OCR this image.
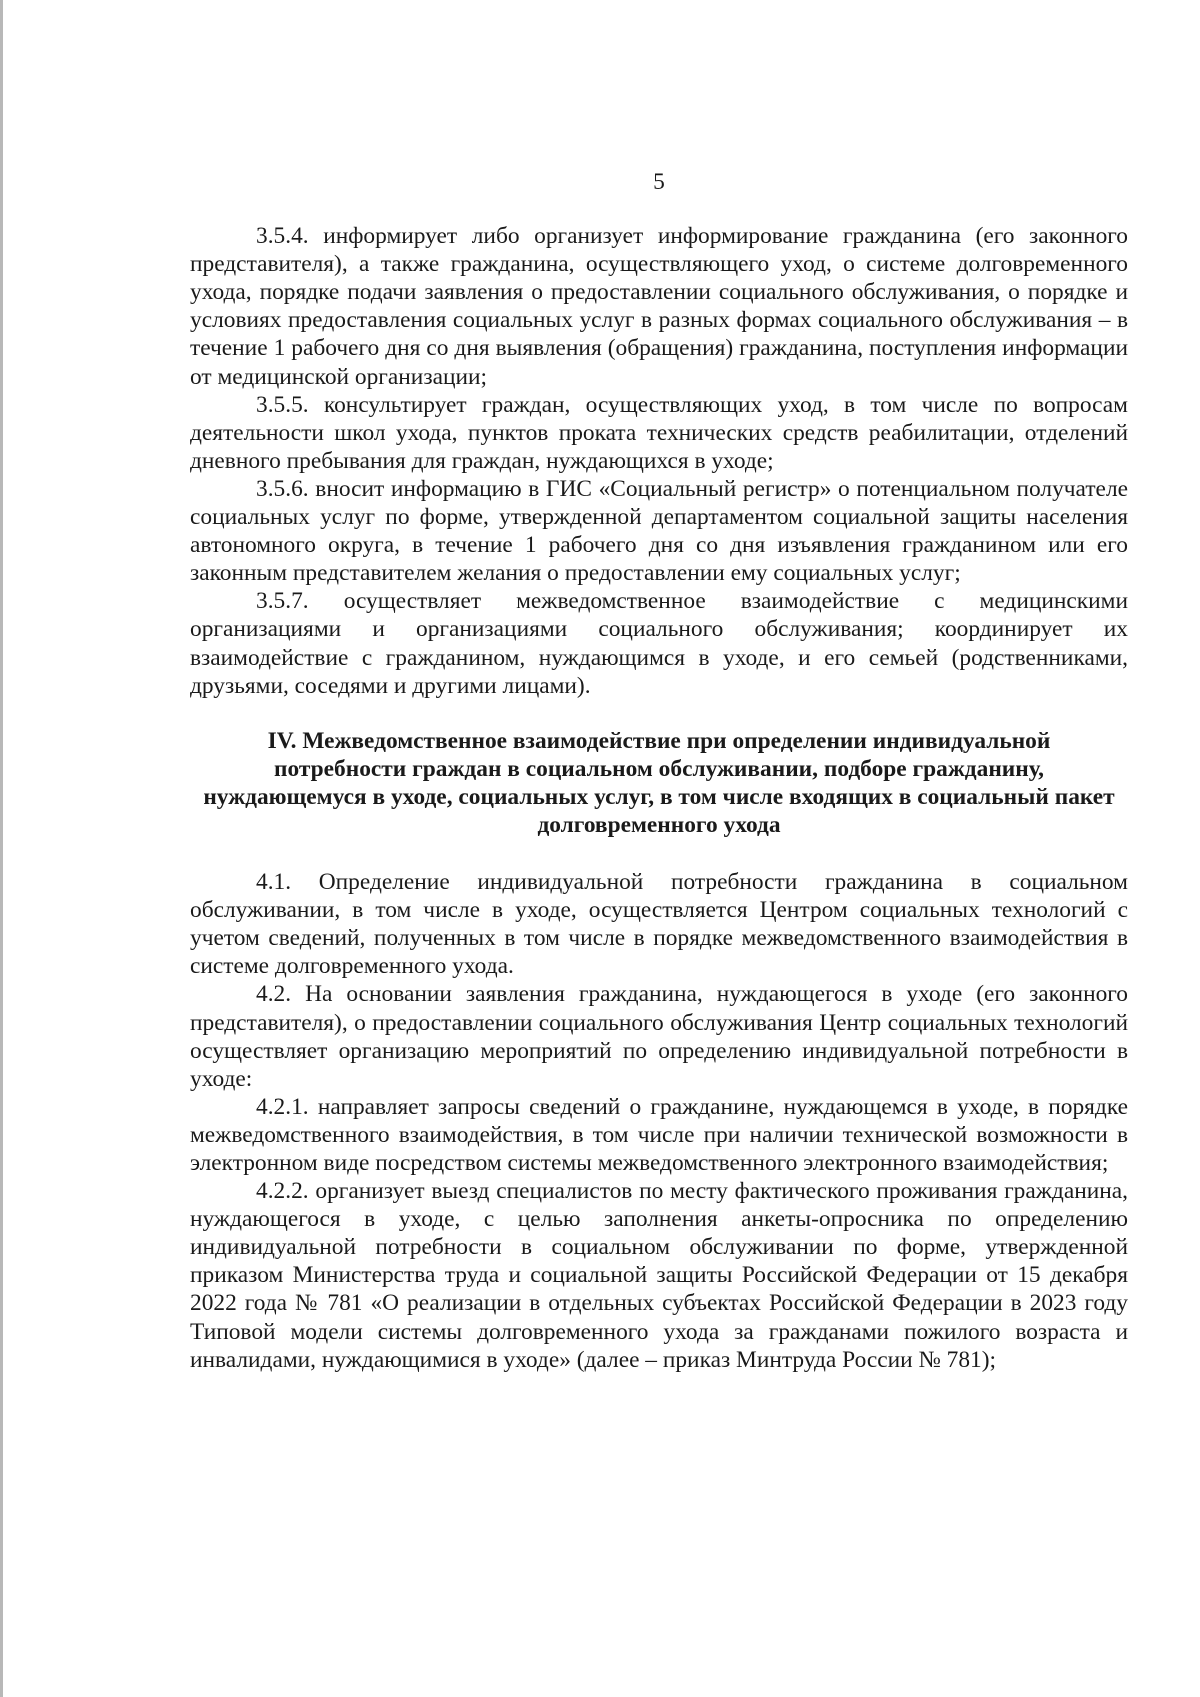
5

3.5.4. информирует либо организует информирование гражданина (его законного представителя), а также гражданина, осуществляющего уход, о системе долговременного ухода, порядке подачи заявления о предоставлении социального обслуживания, о порядке и условиях предоставления социальных услуг в разных формах социального обслуживания – в течение 1 рабочего дня со дня выявления (обращения) гражданина, поступления информации от медицинской организации;

3.5.5. консультирует граждан, осуществляющих уход, в том числе по вопросам деятельности школ ухода, пунктов проката технических средств реабилитации, отделений дневного пребывания для граждан, нуждающихся в уходе;

3.5.6. вносит информацию в ГИС «Социальный регистр» о потенциальном получателе социальных услуг по форме, утвержденной департаментом социальной защиты населения автономного округа, в течение 1 рабочего дня со дня изъявления гражданином или его законным представителем желания о предоставлении ему социальных услуг;

3.5.7. осуществляет межведомственное взаимодействие с медицинскими организациями и организациями социального обслуживания; координирует их взаимодействие с гражданином, нуждающимся в уходе, и его семьей (родственниками, друзьями, соседями и другими лицами).

IV. Межведомственное взаимодействие при определении индивидуальной потребности граждан в социальном обслуживании, подборе гражданину, нуждающемуся в уходе, социальных услуг, в том числе входящих в социальный пакет долговременного ухода

4.1. Определение индивидуальной потребности гражданина в социальном обслуживании, в том числе в уходе, осуществляется Центром социальных технологий с учетом сведений, полученных в том числе в порядке межведомственного взаимодействия в системе долговременного ухода.

4.2. На основании заявления гражданина, нуждающегося в уходе (его законного представителя), о предоставлении социального обслуживания Центр социальных технологий осуществляет организацию мероприятий по определению индивидуальной потребности в уходе:

4.2.1. направляет запросы сведений о гражданине, нуждающемся в уходе, в порядке межведомственного взаимодействия, в том числе при наличии технической возможности в электронном виде посредством системы межведомственного электронного взаимодействия;

4.2.2. организует выезд специалистов по месту фактического проживания гражданина, нуждающегося в уходе, с целью заполнения анкеты-опросника по определению индивидуальной потребности в социальном обслуживании по форме, утвержденной приказом Министерства труда и социальной защиты Российской Федерации от 15 декабря 2022 года № 781 «О реализации в отдельных субъектах Российской Федерации в 2023 году Типовой модели системы долговременного ухода за гражданами пожилого возраста и инвалидами, нуждающимися в уходе» (далее – приказ Минтруда России № 781);
